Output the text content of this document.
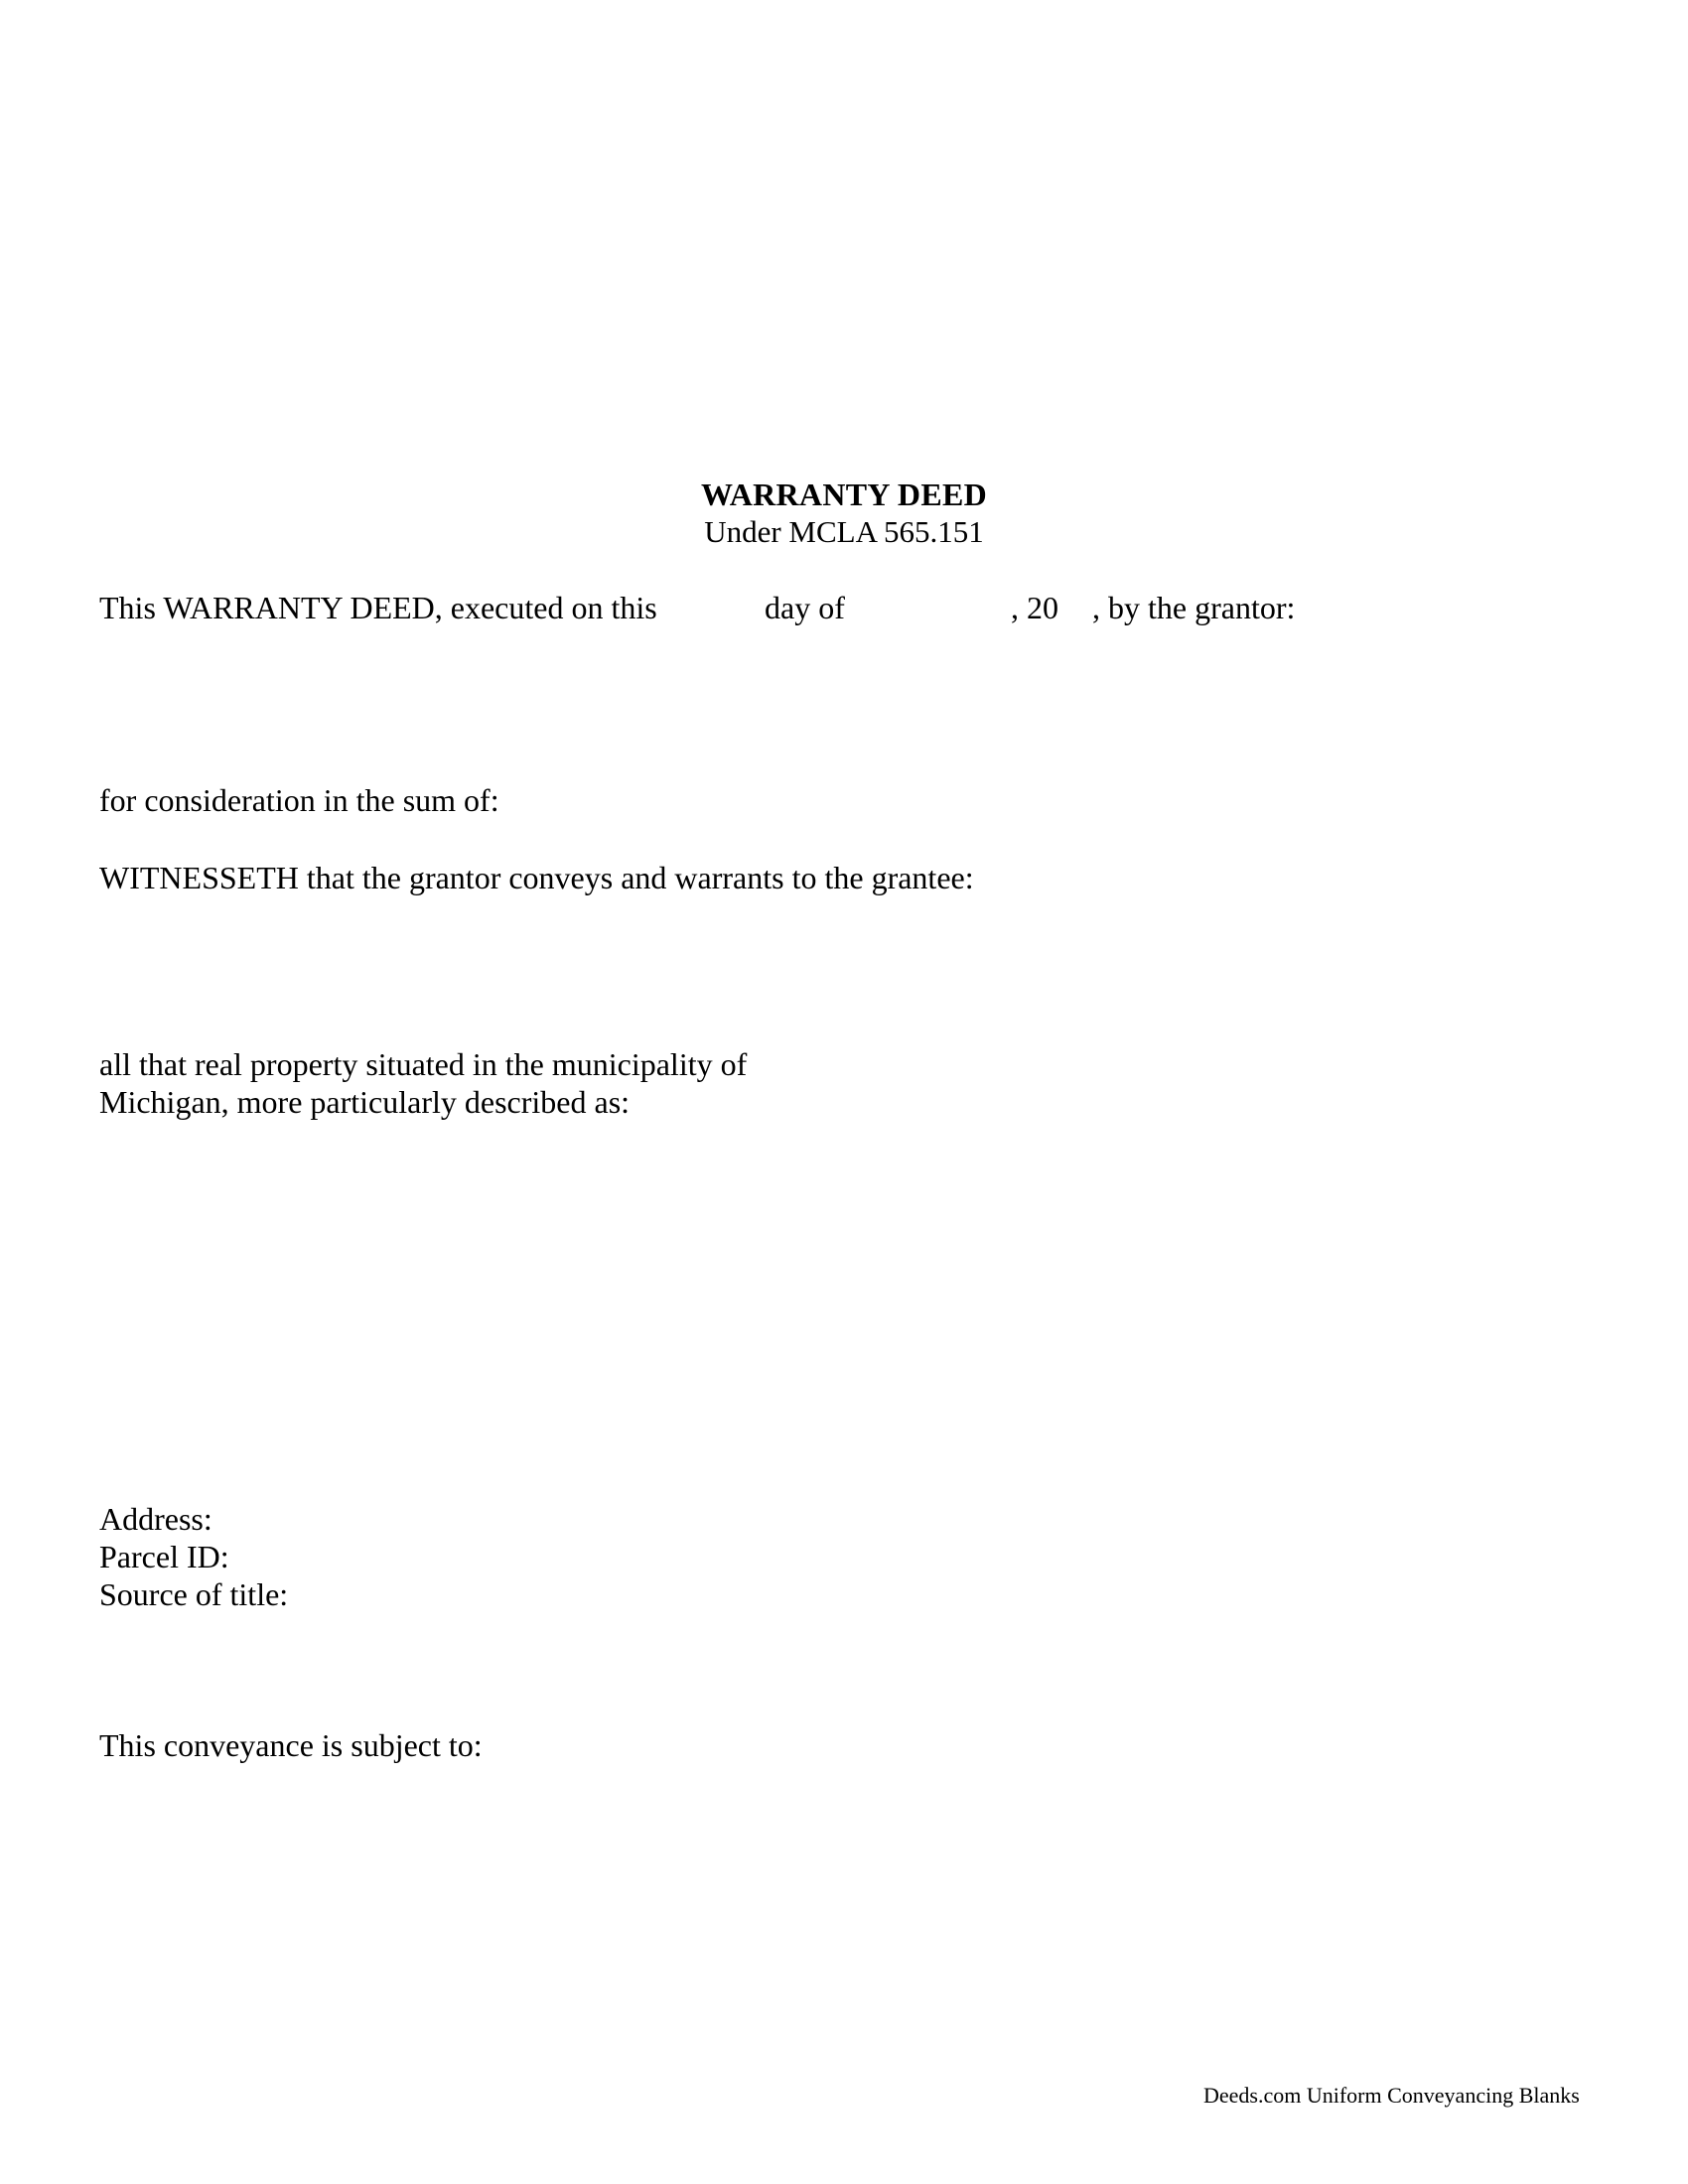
WARRANTY DEED
Under MCLA 565.151
This WARRANTY DEED, executed on this	day of	, 20 , by the grantor:
for consideration in the sum of:
WITNESSETH that the grantor conveys and warrants to the grantee:
all that real property situated in the municipality of
Michigan, more particularly described as:
Address:
Parcel ID:
Source of title:
This conveyance is subject to:
Deeds.com Uniform Conveyancing Blanks
